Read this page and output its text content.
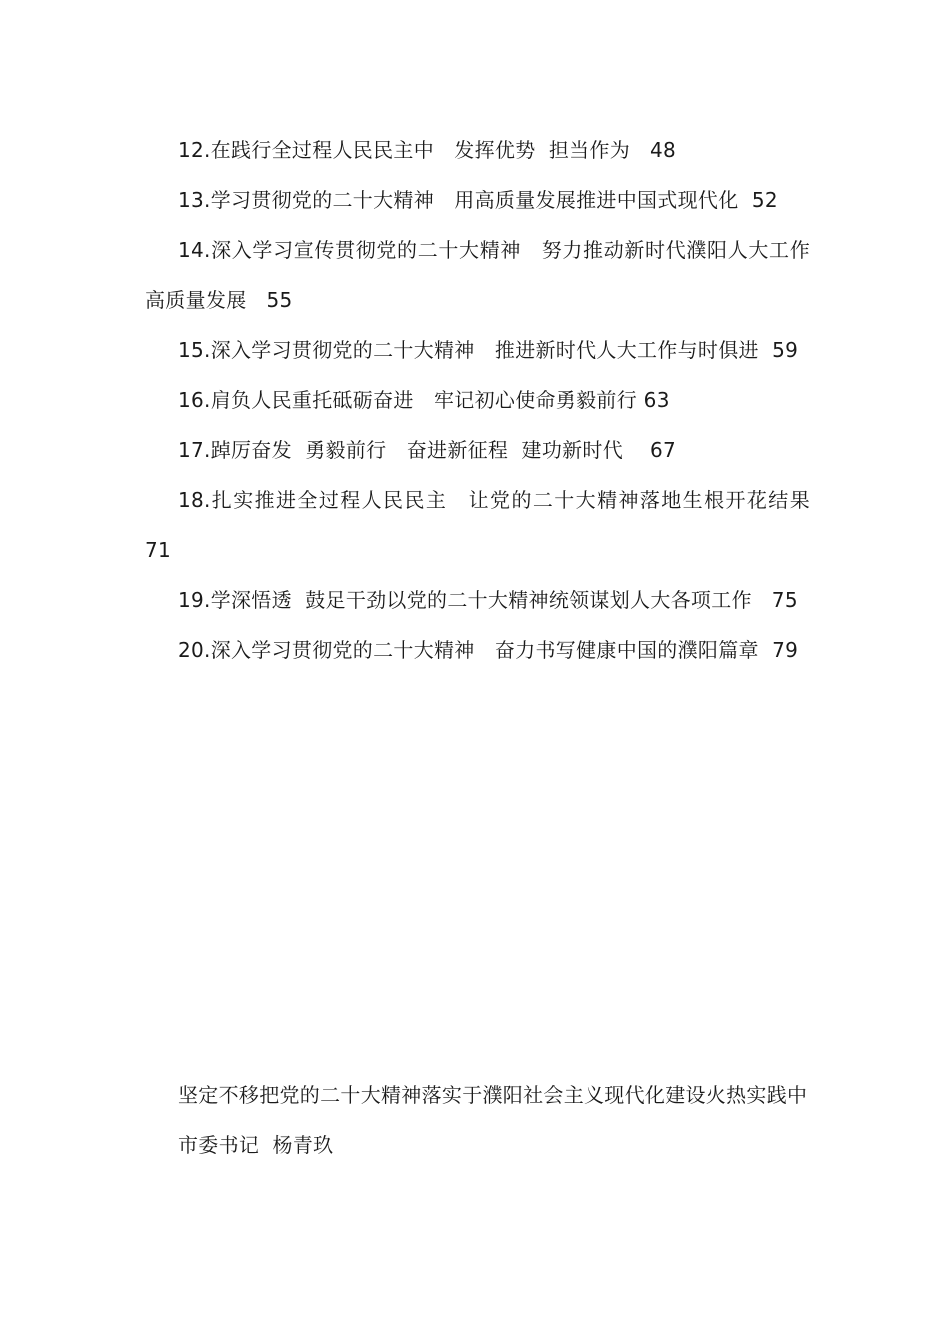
12.在践行全过程人民民主中　发挥优势  担当作为   48

13.学习贯彻党的二十大精神　用高质量发展推进中国式现代化  52

14.深入学习宣传贯彻党的二十大精神　努力推动新时代濮阳人大工作高质量发展   55

15.深入学习贯彻党的二十大精神　推进新时代人大工作与时俱进  59

16.肩负人民重托砥砺奋进　牢记初心使命勇毅前行 63

17.踔厉奋发  勇毅前行　奋进新征程  建功新时代　 67

18.扎实推进全过程人民民主　让党的二十大精神落地生根开花结果   71

19.学深悟透  鼓足干劲以党的二十大精神统领谋划人大各项工作   75

20.深入学习贯彻党的二十大精神　奋力书写健康中国的濮阳篇章  79

坚定不移把党的二十大精神落实于濮阳社会主义现代化建设火热实践中

市委书记  杨青玖
